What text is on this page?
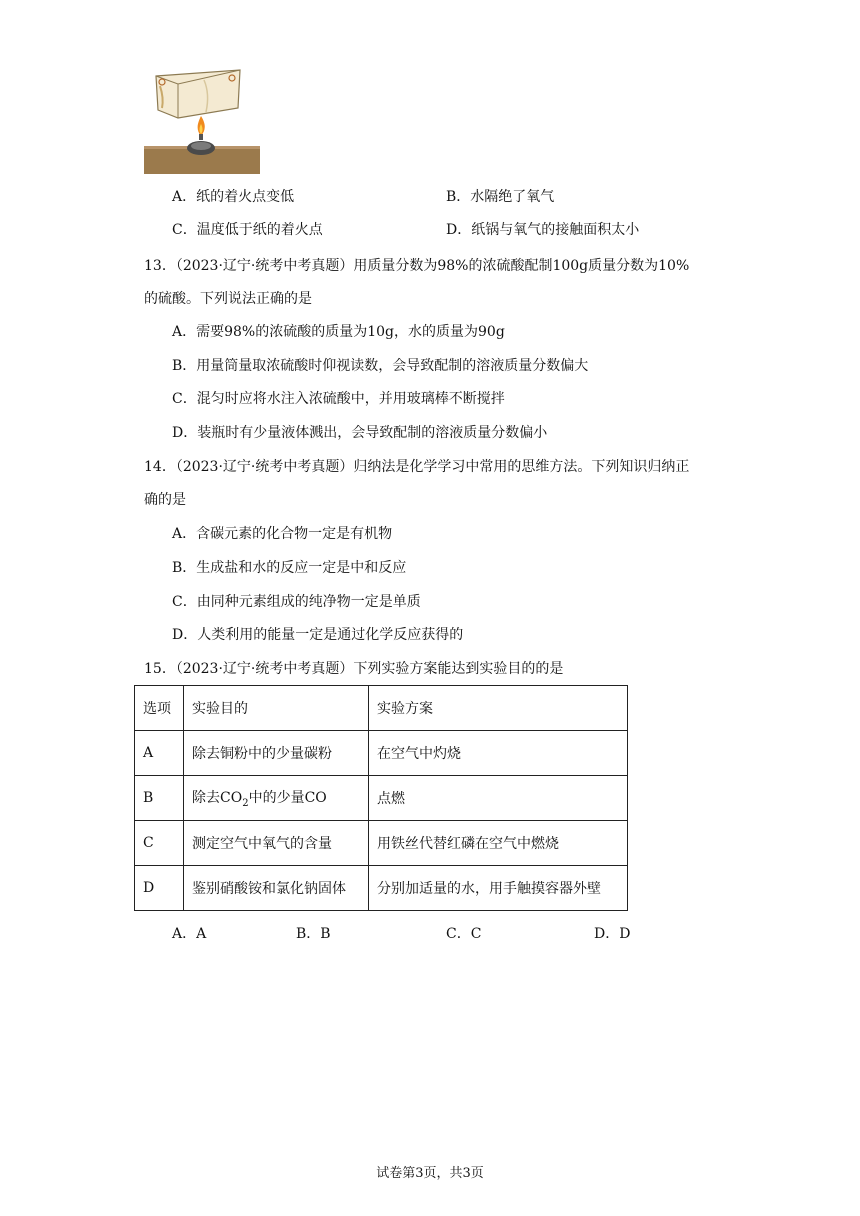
A．纸的着火点变低	B．水隔绝了氧气
C．温度低于纸的着火点	D．纸锅与氧气的接触面积太小
13．（2023·辽宁·统考中考真题）用质量分数为98%的浓硫酸配制100g质量分数为10%
的硫酸。下列说法正确的是
A．需要98%的浓硫酸的质量为10g，水的质量为90g
B．用量筒量取浓硫酸时仰视读数，会导致配制的溶液质量分数偏大
C．混匀时应将水注入浓硫酸中，并用玻璃棒不断搅拌
D．装瓶时有少量液体溅出，会导致配制的溶液质量分数偏小
14．（2023·辽宁·统考中考真题）归纳法是化学学习中常用的思维方法。下列知识归纳正
确的是
A．含碳元素的化合物一定是有机物
B．生成盐和水的反应一定是中和反应
C．由同种元素组成的纯净物一定是单质
D．人类利用的能量一定是通过化学反应获得的
15．（2023·辽宁·统考中考真题）下列实验方案能达到实验目的的是
选项	实验目的	实验方案
A	除去铜粉中的少量碳粉	在空气中灼烧
B	除去$CO_2$中的少量CO	点燃
C	测定空气中氧气的含量	用铁丝代替红磷在空气中燃烧
D	鉴别硝酸铵和氯化钠固体	分别加适量的水，用手触摸容器外壁
A．A	B．B	C．C	D．D
试卷第3页，共3页
